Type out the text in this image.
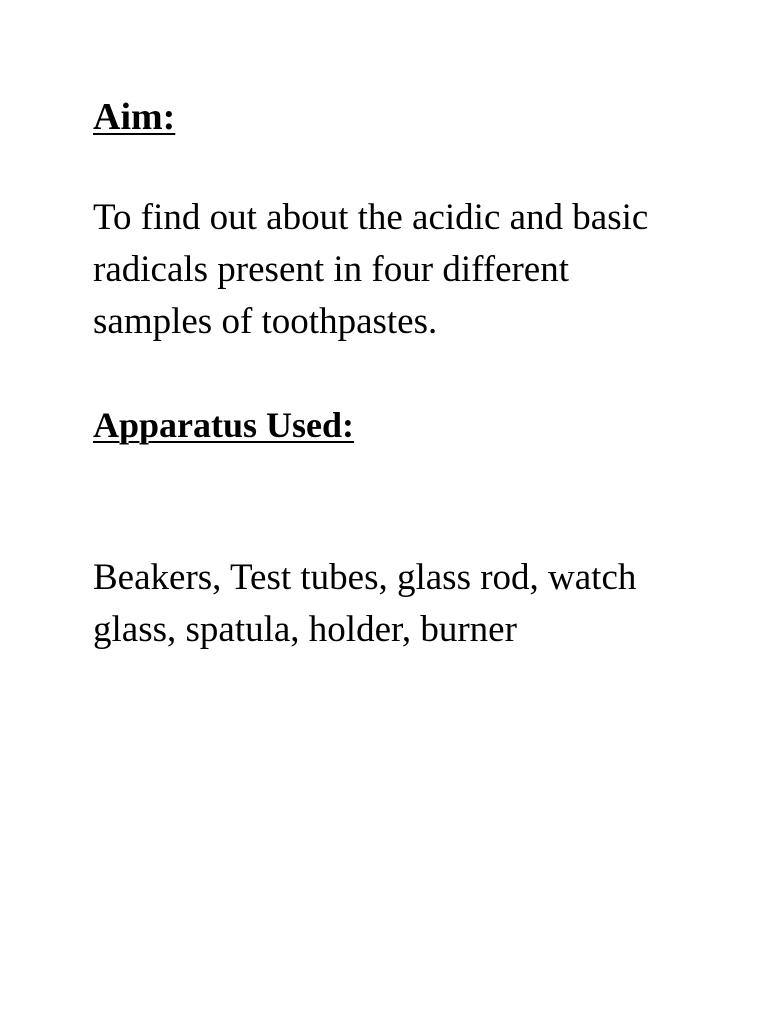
Aim:

To find out about the acidic and basic
radicals present in four different
samples of toothpastes.

Apparatus Used:

Beakers, Test tubes, glass rod, watch
glass, spatula, holder, burner
